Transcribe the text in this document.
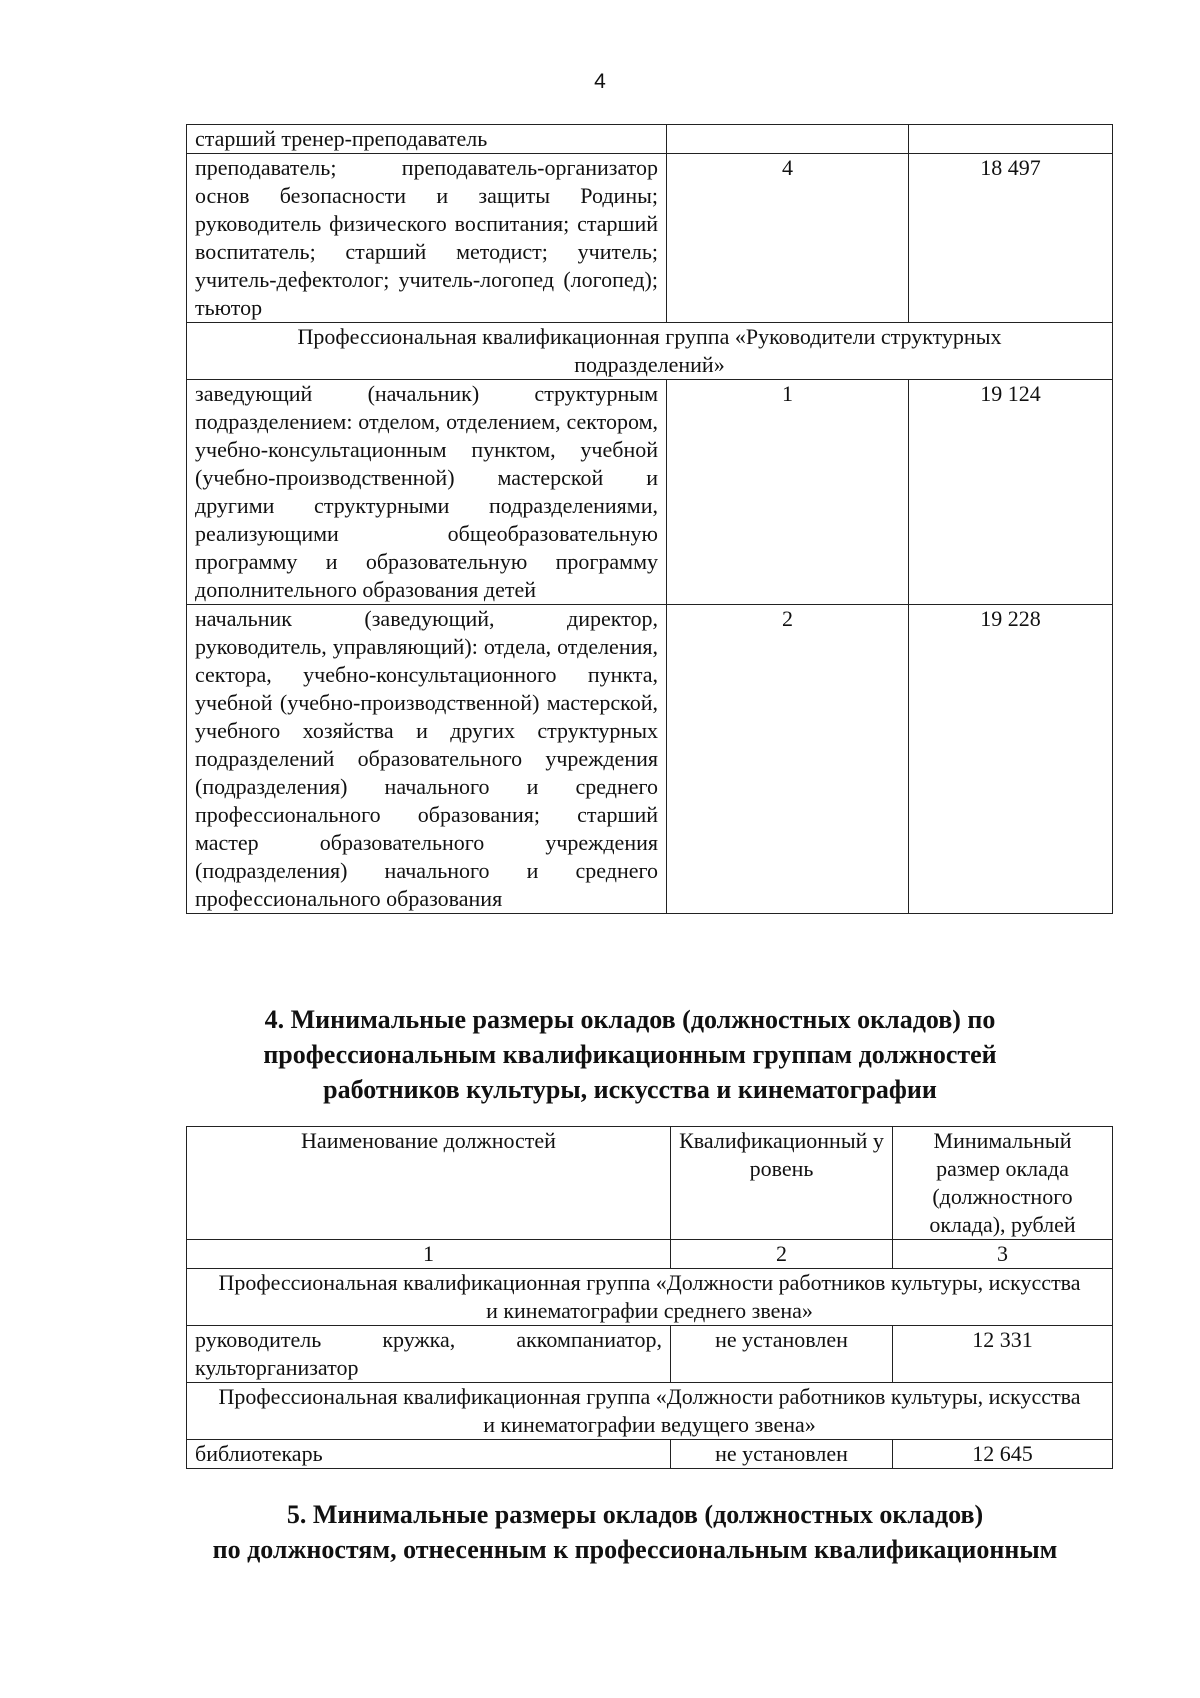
4
старший тренер-преподаватель		
преподаватель; преподаватель-организатор основ безопасности и защиты Родины; руководитель физического воспитания; старший воспитатель; старший методист; учитель; учитель-дефектолог; учитель-логопед (логопед); тьютор	4	18 497
Профессиональная квалификационная группа «Руководители структурных подразделений»		
заведующий (начальник) структурным подразделением: отделом, отделением, сектором, учебно-консультационным пунктом, учебной (учебно-производственной) мастерской и другими структурными подразделениями, реализующими общеобразовательную программу и образовательную программу дополнительного образования детей	1	19 124
начальник (заведующий, директор, руководитель, управляющий): отдела, отделения, сектора, учебно-консультационного пункта, учебной (учебно-производственной) мастерской, учебного хозяйства и других структурных подразделений образовательного учреждения (подразделения) начального и среднего профессионального образования; старший мастер образовательного учреждения (подразделения) начального и среднего профессионального образования	2	19 228
4. Минимальные размеры окладов (должностных окладов) по
профессиональным квалификационным группам должностей
работников культуры, искусства и кинематографии
Наименование должностей	Квалификационный уровень	Минимальный размер оклада (должностного оклада), рублей
1	2	3
Профессиональная квалификационная группа «Должности работников культуры, искусства и кинематографии среднего звена»		
руководитель кружка, аккомпаниатор, культорганизатор	не установлен	12 331
Профессиональная квалификационная группа «Должности работников культуры, искусства и кинематографии ведущего звена»		
библиотекарь	не установлен	12 645
5. Минимальные размеры окладов (должностных окладов)
по должностям, отнесенным к профессиональным квалификационным
